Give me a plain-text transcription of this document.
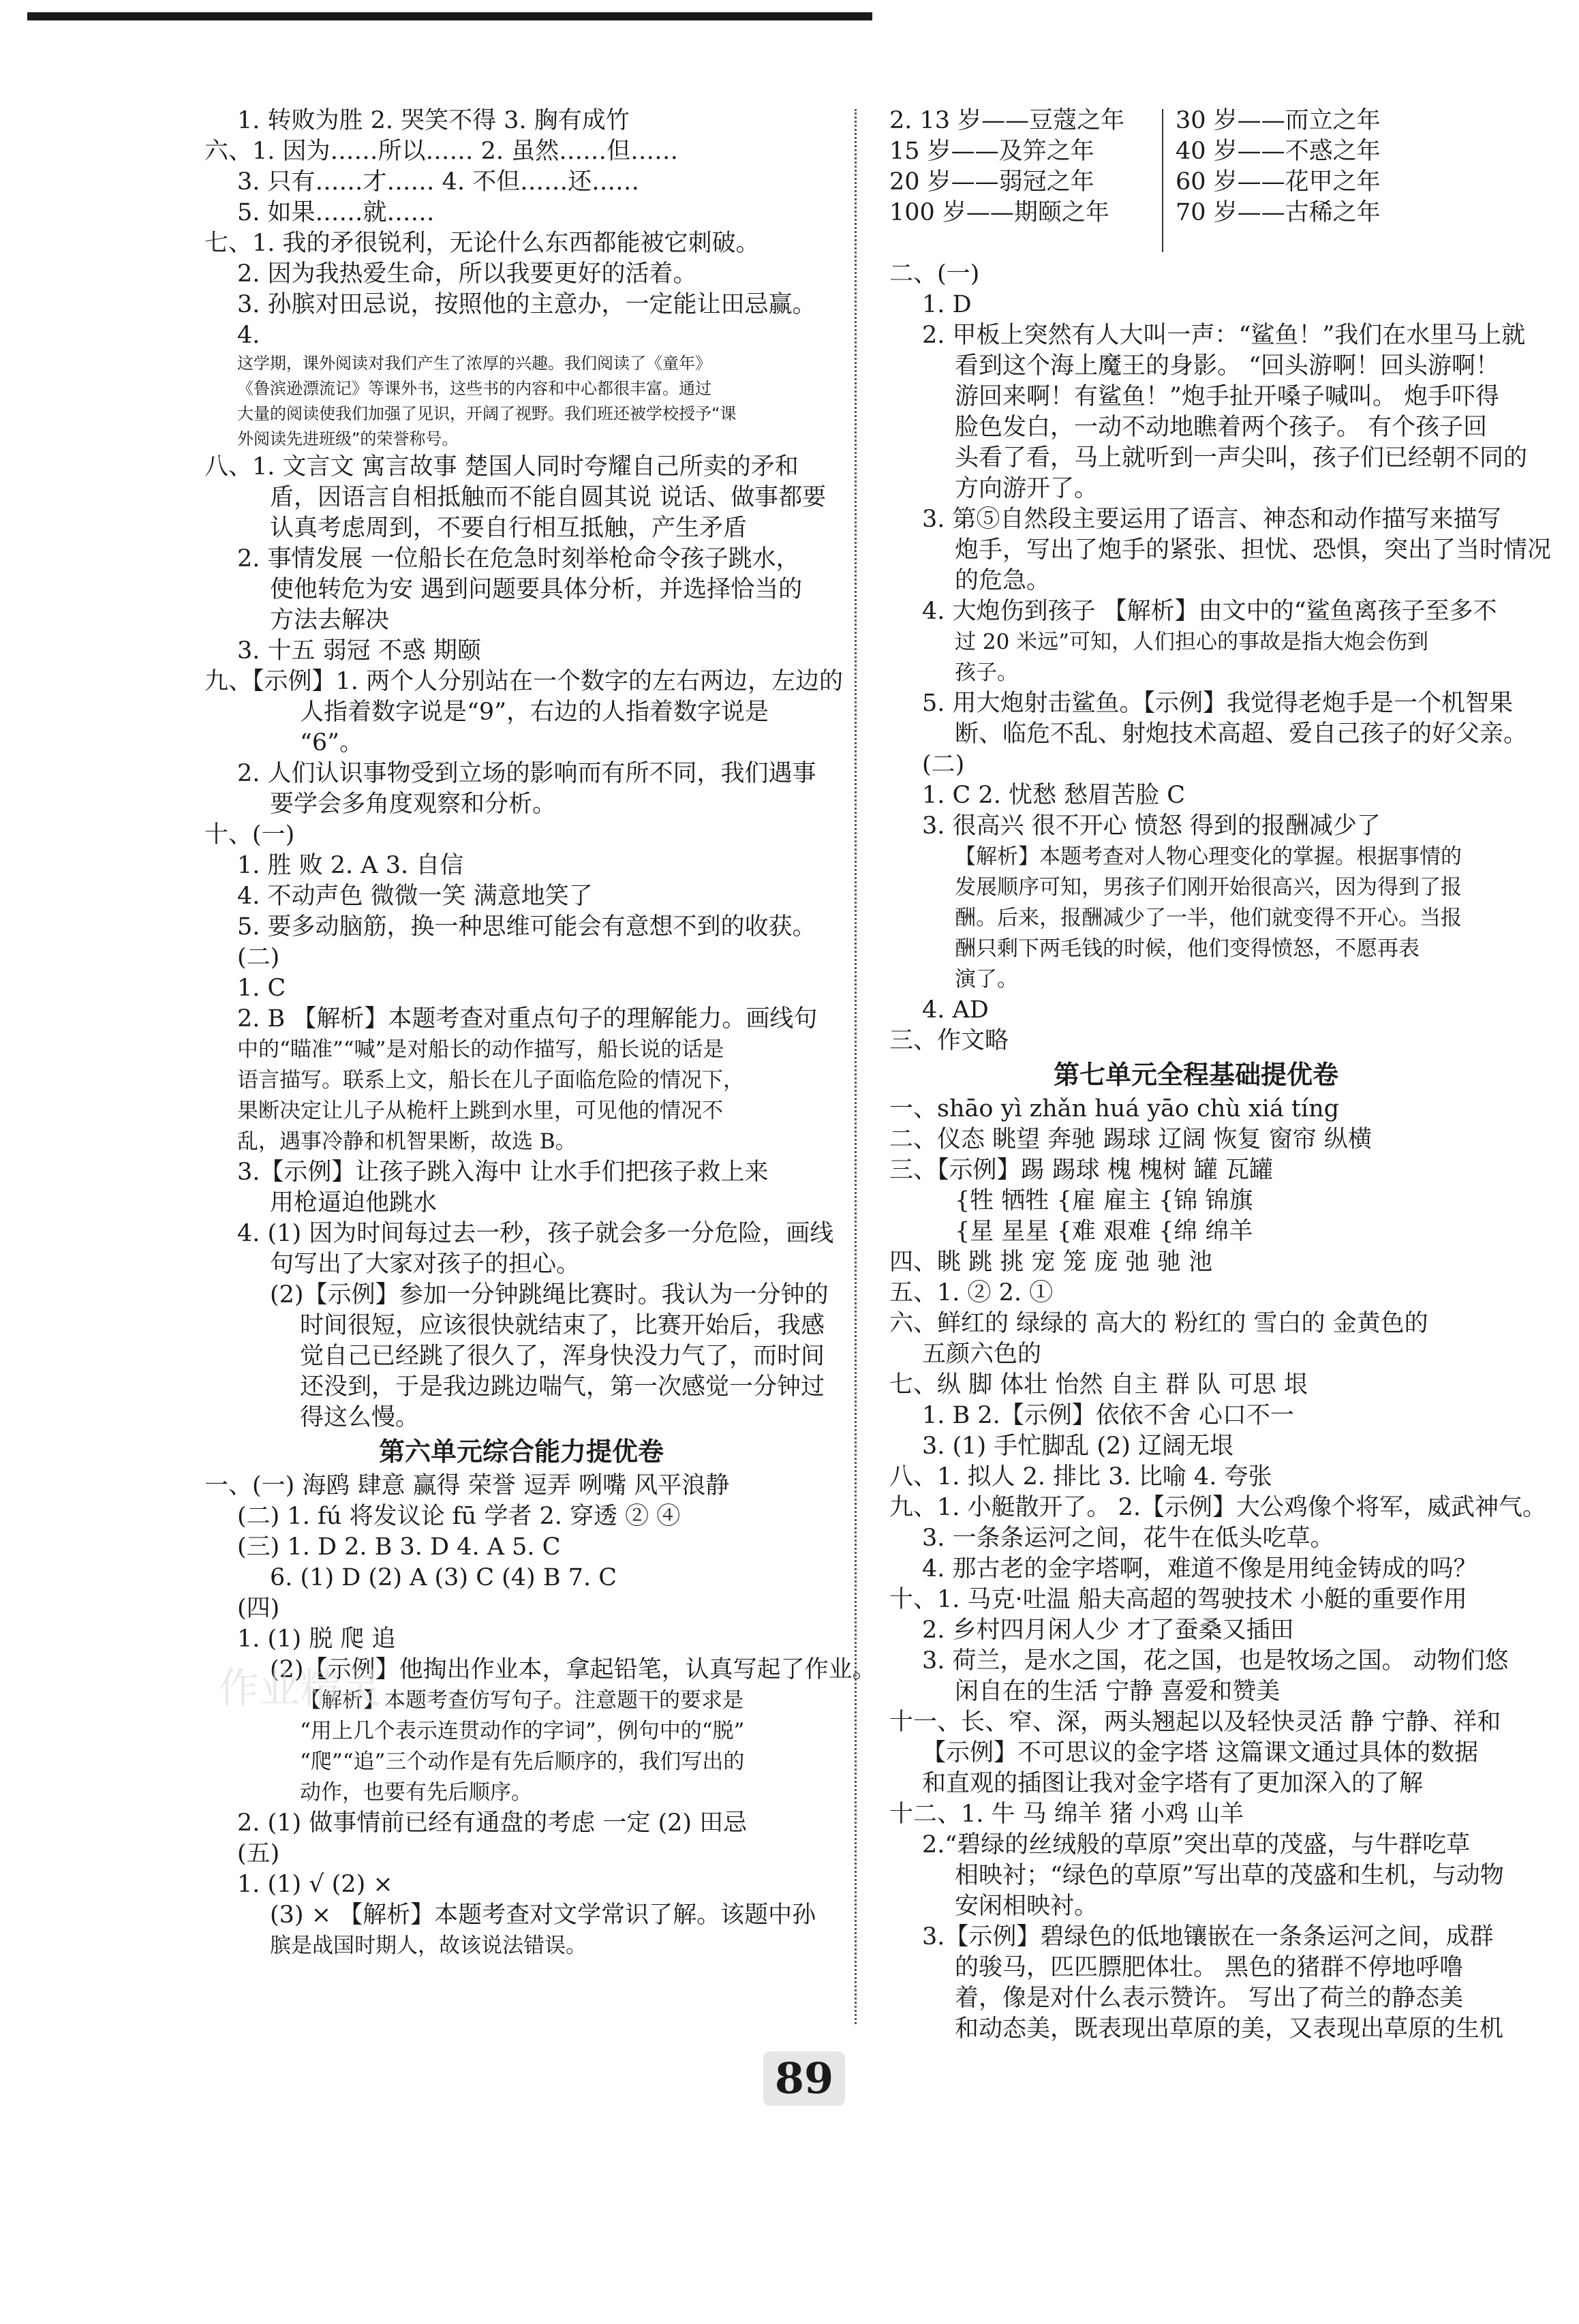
1. 转败为胜 2. 哭笑不得 3. 胸有成竹
六、1. 因为……所以…… 2. 虽然……但……
3. 只有……才…… 4. 不但……还……
5. 如果……就……
七、1. 我的矛很锐利，无论什么东西都能被它刺破。
2. 因为我热爱生命，所以我要更好的活着。
3. 孙膑对田忌说，按照他的主意办，一定能让田忌赢。
4.
这学期，课外阅读对我们产生了浓厚的兴趣。我们阅读了《童年》
《鲁滨逊漂流记》等课外书，这些书的内容和中心都很丰富。通过
大量的阅读使我们加强了见识，开阔了视野。我们班还被学校授予“课
外阅读先进班级”的荣誉称号。
八、1. 文言文 寓言故事 楚国人同时夸耀自己所卖的矛和
盾，因语言自相抵触而不能自圆其说 说话、做事都要
认真考虑周到，不要自行相互抵触，产生矛盾
2. 事情发展 一位船长在危急时刻举枪命令孩子跳水，
使他转危为安 遇到问题要具体分析，并选择恰当的
方法去解决
3. 十五 弱冠 不惑 期颐
九、【示例】1. 两个人分别站在一个数字的左右两边，左边的
人指着数字说是“9”，右边的人指着数字说是
“6”。
2. 人们认识事物受到立场的影响而有所不同，我们遇事
要学会多角度观察和分析。
十、(一)
1. 胜 败 2. A 3. 自信
4. 不动声色 微微一笑 满意地笑了
5. 要多动脑筋，换一种思维可能会有意想不到的收获。
(二)
1. C
2. B 【解析】本题考查对重点句子的理解能力。画线句
中的“瞄准”“喊”是对船长的动作描写，船长说的话是
语言描写。联系上文，船长在儿子面临危险的情况下，
果断决定让儿子从桅杆上跳到水里，可见他的情况不
乱，遇事冷静和机智果断，故选 B。
3.【示例】让孩子跳入海中 让水手们把孩子救上来
用枪逼迫他跳水
4. (1) 因为时间每过去一秒，孩子就会多一分危险，画线
句写出了大家对孩子的担心。
(2)【示例】参加一分钟跳绳比赛时。我认为一分钟的
时间很短，应该很快就结束了，比赛开始后，我感
觉自己已经跳了很久了，浑身快没力气了，而时间
还没到，于是我边跳边喘气，第一次感觉一分钟过
得这么慢。
第六单元综合能力提优卷
一、(一) 海鸥 肆意 赢得 荣誉 逗弄 咧嘴 风平浪静
(二) 1. fú 将发议论 fū 学者 2. 穿透 ② ④
(三) 1. D 2. B 3. D 4. A 5. C
6. (1) D (2) A (3) C (4) B 7. C
(四)
1. (1) 脱 爬 追
(2)【示例】他掏出作业本，拿起铅笔，认真写起了作业。
【解析】本题考查仿写句子。注意题干的要求是
“用上几个表示连贯动作的字词”，例句中的“脱”
“爬”“追”三个动作是有先后顺序的，我们写出的
动作，也要有先后顺序。
2. (1) 做事情前已经有通盘的考虑 一定 (2) 田忌
(五)
1. (1) √ (2) ×
(3) × 【解析】本题考查对文学常识了解。该题中孙
膑是战国时期人，故该说法错误。
2. 13 岁——豆蔻之年
15 岁——及笄之年
20 岁——弱冠之年
100 岁——期颐之年
30 岁——而立之年
40 岁——不惑之年
60 岁——花甲之年
70 岁——古稀之年
二、(一)
1. D
2. 甲板上突然有人大叫一声：“鲨鱼！”我们在水里马上就
看到这个海上魔王的身影。 “回头游啊！回头游啊！
游回来啊！有鲨鱼！”炮手扯开嗓子喊叫。 炮手吓得
脸色发白，一动不动地瞧着两个孩子。 有个孩子回
头看了看，马上就听到一声尖叫，孩子们已经朝不同的
方向游开了。
3. 第⑤自然段主要运用了语言、神态和动作描写来描写
炮手，写出了炮手的紧张、担忧、恐惧，突出了当时情况
的危急。
4. 大炮伤到孩子 【解析】由文中的“鲨鱼离孩子至多不
过 20 米远”可知，人们担心的事故是指大炮会伤到
孩子。
5. 用大炮射击鲨鱼。【示例】我觉得老炮手是一个机智果
断、临危不乱、射炮技术高超、爱自己孩子的好父亲。
(二)
1. C 2. 忧愁 愁眉苦脸 C
3. 很高兴 很不开心 愤怒 得到的报酬减少了
【解析】本题考查对人物心理变化的掌握。根据事情的
发展顺序可知，男孩子们刚开始很高兴，因为得到了报
酬。后来，报酬减少了一半，他们就变得不开心。当报
酬只剩下两毛钱的时候，他们变得愤怒，不愿再表
演了。
4. AD
三、作文略
第七单元全程基础提优卷
一、shāo yì zhǎn huá yāo chù xiá tíng
二、仪态 眺望 奔驰 踢球 辽阔 恢复 窗帘 纵横
三、【示例】踢 踢球 槐 槐树 罐 瓦罐
{牲 牺牲 {雇 雇主 {锦 锦旗
{星 星星 {难 艰难 {绵 绵羊
四、眺 跳 挑 宠 笼 庞 弛 驰 池
五、1. ② 2. ①
六、鲜红的 绿绿的 高大的 粉红的 雪白的 金黄色的
五颜六色的
七、纵 脚 体壮 怡然 自主 群 队 可思 垠
1. B 2.【示例】依依不舍 心口不一
3. (1) 手忙脚乱 (2) 辽阔无垠
八、1. 拟人 2. 排比 3. 比喻 4. 夸张
九、1. 小艇散开了。 2.【示例】大公鸡像个将军，威武神气。
3. 一条条运河之间，花牛在低头吃草。
4. 那古老的金字塔啊，难道不像是用纯金铸成的吗？
十、1. 马克·吐温 船夫高超的驾驶技术 小艇的重要作用
2. 乡村四月闲人少 才了蚕桑又插田
3. 荷兰，是水之国，花之国，也是牧场之国。 动物们悠
闲自在的生活 宁静 喜爱和赞美
十一、长、窄、深，两头翘起以及轻快灵活 静 宁静、祥和
【示例】不可思议的金字塔 这篇课文通过具体的数据
和直观的插图让我对金字塔有了更加深入的了解
十二、1. 牛 马 绵羊 猪 小鸡 山羊
2.“碧绿的丝绒般的草原”突出草的茂盛，与牛群吃草
相映衬；“绿色的草原”写出草的茂盛和生机，与动物
安闲相映衬。
3.【示例】碧绿色的低地镶嵌在一条条运河之间，成群
的骏马，匹匹膘肥体壮。 黑色的猪群不停地呼噜
着，像是对什么表示赞许。 写出了荷兰的静态美
和动态美，既表现出草原的美，又表现出草原的生机
89
作业精灵
